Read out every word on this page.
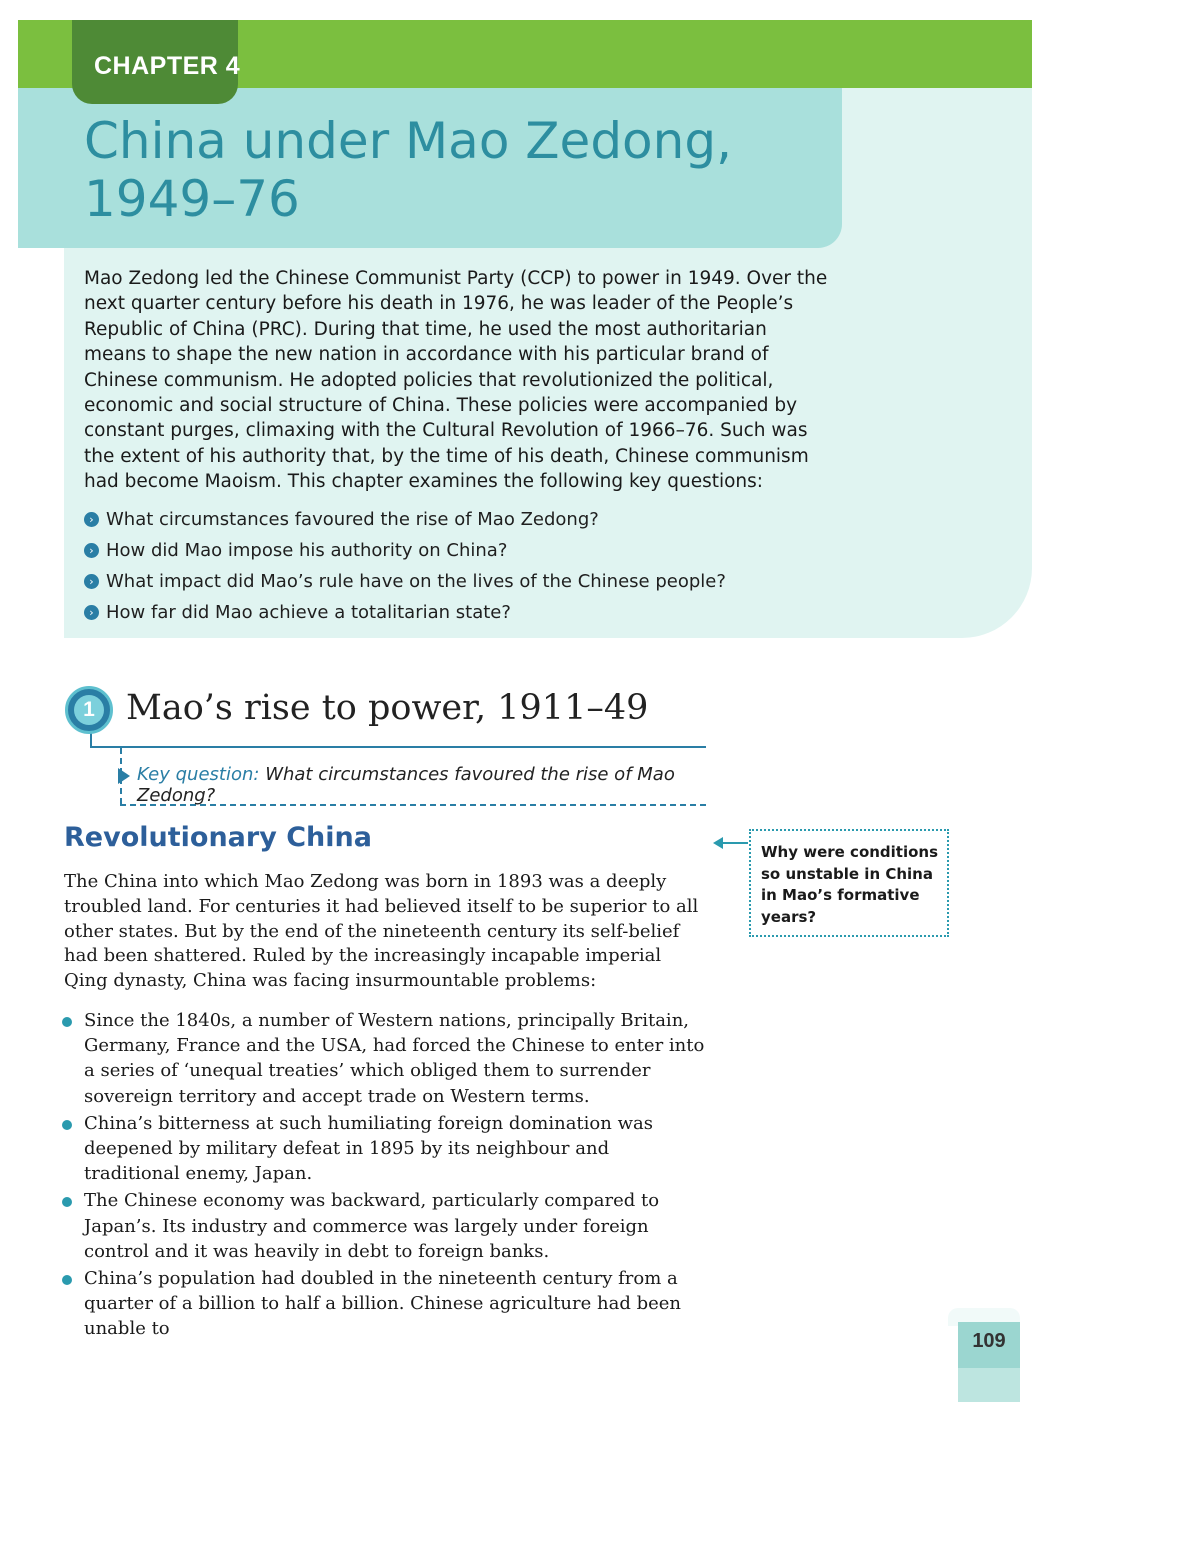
CHAPTER 4
China under Mao Zedong,
1949–76

Mao Zedong led the Chinese Communist Party (CCP) to power in 1949. Over the next quarter century before his death in 1976, he was leader of the People’s Republic of China (PRC). During that time, he used the most authoritarian means to shape the new nation in accordance with his particular brand of Chinese communism. He adopted policies that revolutionized the political, economic and social structure of China. These policies were accompanied by constant purges, climaxing with the Cultural Revolution of 1966–76. Such was the extent of his authority that, by the time of his death, Chinese communism had become Maoism. This chapter examines the following key questions:

› What circumstances favoured the rise of Mao Zedong?
› How did Mao impose his authority on China?
› What impact did Mao’s rule have on the lives of the Chinese people?
› How far did Mao achieve a totalitarian state?
1 Mao’s rise to power, 1911–49
Key question: What circumstances favoured the rise of Mao Zedong?
Revolutionary China

The China into which Mao Zedong was born in 1893 was a deeply troubled land. For centuries it had believed itself to be superior to all other states. But by the end of the nineteenth century its self-belief had been shattered. Ruled by the increasingly incapable imperial Qing dynasty, China was facing insurmountable problems:

Since the 1840s, a number of Western nations, principally Britain, Germany, France and the USA, had forced the Chinese to enter into a series of ‘unequal treaties’ which obliged them to surrender sovereign territory and accept trade on Western terms.
China’s bitterness at such humiliating foreign domination was deepened by military defeat in 1895 by its neighbour and traditional enemy, Japan.
The Chinese economy was backward, particularly compared to Japan’s. Its industry and commerce was largely under foreign control and it was heavily in debt to foreign banks.
China’s population had doubled in the nineteenth century from a quarter of a billion to half a billion. Chinese agriculture had been unable to

Why were conditions so unstable in China in Mao’s formative years?

109
